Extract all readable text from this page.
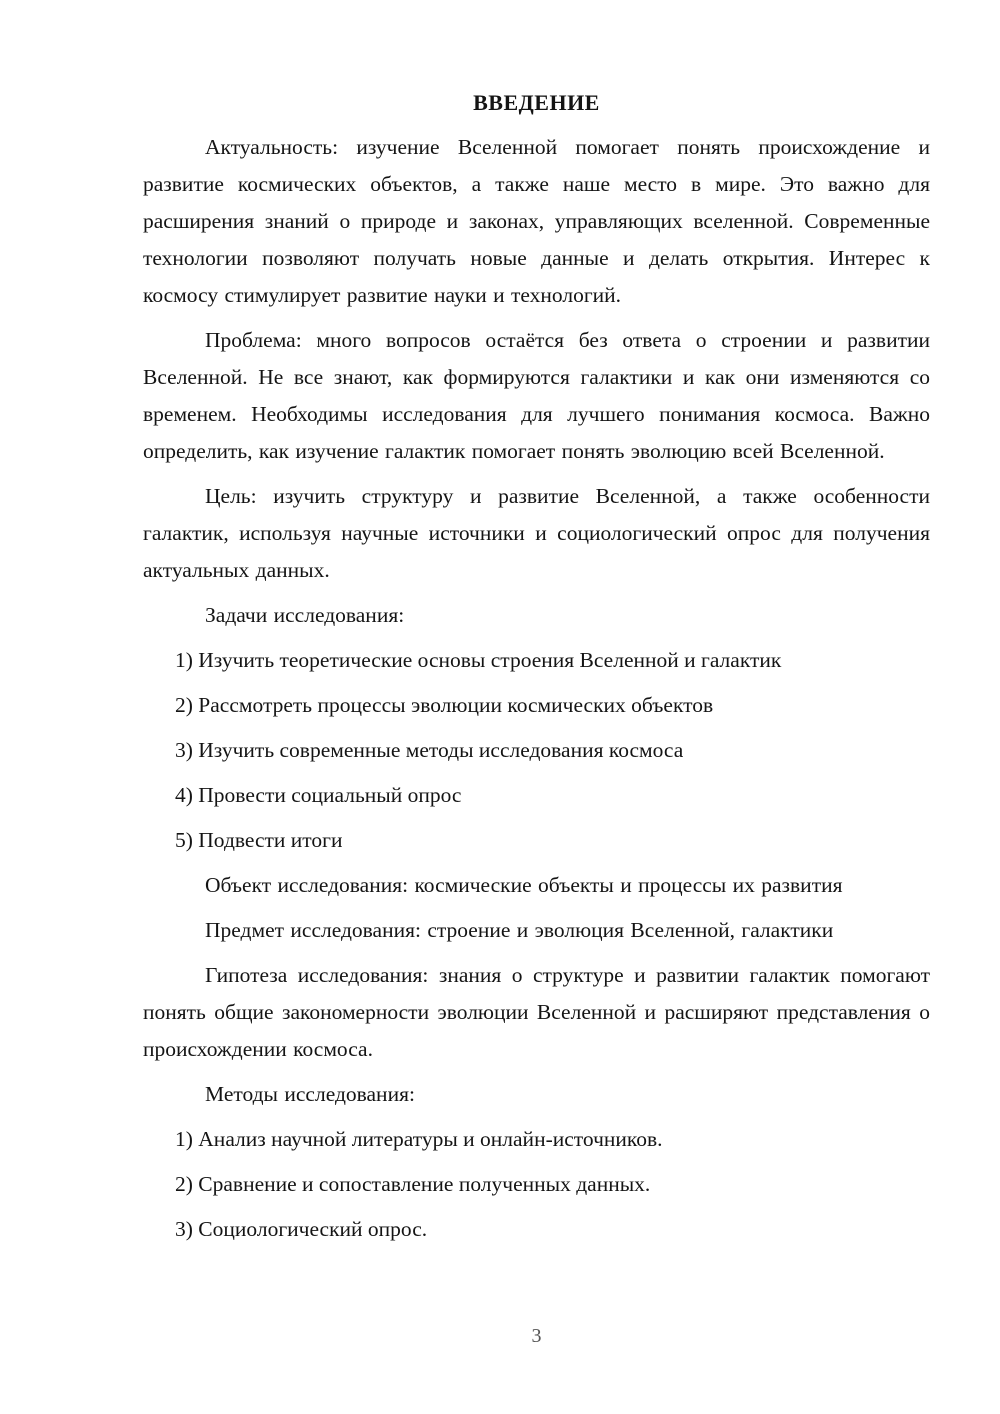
ВВЕДЕНИЕ

Актуальность: изучение Вселенной помогает понять происхождение и развитие космических объектов, а также наше место в мире. Это важно для расширения знаний о природе и законах, управляющих вселенной. Современные технологии позволяют получать новые данные и делать открытия. Интерес к космосу стимулирует развитие науки и технологий.

Проблема: много вопросов остаётся без ответа о строении и развитии Вселенной. Не все знают, как формируются галактики и как они изменяются со временем. Необходимы исследования для лучшего понимания космоса. Важно определить, как изучение галактик помогает понять эволюцию всей Вселенной.

Цель: изучить структуру и развитие Вселенной, а также особенности галактик, используя научные источники и социологический опрос для получения актуальных данных.

Задачи исследования:

1) Изучить теоретические основы строения Вселенной и галактик
2) Рассмотреть процессы эволюции космических объектов
3) Изучить современные методы исследования космоса
4) Провести социальный опрос
5) Подвести итоги

Объект исследования: космические объекты и процессы их развития

Предмет исследования: строение и эволюция Вселенной, галактики

Гипотеза исследования: знания о структуре и развитии галактик помогают понять общие закономерности эволюции Вселенной и расширяют представления о происхождении космоса.

Методы исследования:

1) Анализ научной литературы и онлайн-источников.
2) Сравнение и сопоставление полученных данных.
3) Социологический опрос.
3
